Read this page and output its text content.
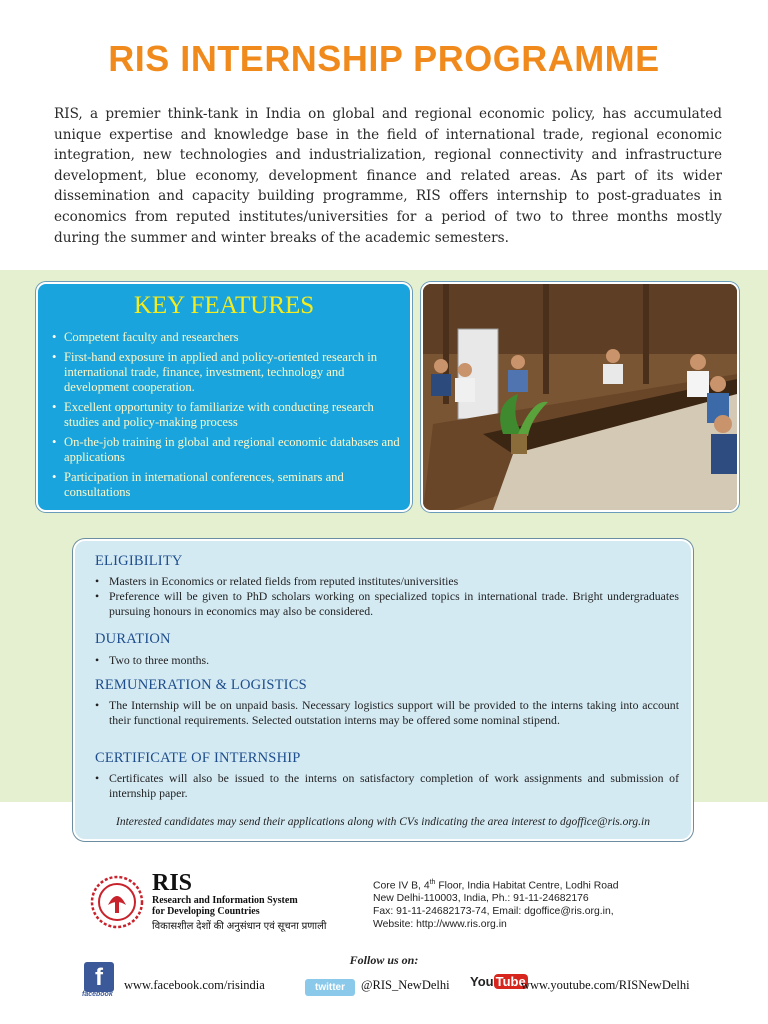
RIS INTERNSHIP PROGRAMME

RIS, a premier think-tank in India on global and regional economic policy, has accumulated unique expertise and knowledge base in the field of international trade, regional economic integration, new technologies and industrialization, regional connectivity and infrastructure development, blue economy, development finance and related areas. As part of its wider dissemination and capacity building programme, RIS offers internship to post-graduates in economics from reputed institutes/universities for a period of two to three months mostly during the summer and winter breaks of the academic semesters.

KEY FEATURES
• Competent faculty and researchers
• First-hand exposure in applied and policy-oriented research in international trade, finance, investment, technology and development cooperation.
• Excellent opportunity to familiarize with conducting research studies and policy-making process
• On-the-job training in global and regional economic databases and applications
• Participation in international conferences, seminars and consultations
ELIGIBILITY
• Masters in Economics or related fields from reputed institutes/universities
• Preference will be given to PhD scholars working on specialized topics in international trade. Bright undergraduates pursuing honours in economics may also be considered.
DURATION
• Two to three months.
REMUNERATION & LOGISTICS
• The Internship will be on unpaid basis. Necessary logistics support will be provided to the interns taking into account their functional requirements. Selected outstation interns may be offered some nominal stipend.
CERTIFICATE OF INTERNSHIP
• Certificates will also be issued to the interns on satisfactory completion of work assignments and submission of internship paper.
Interested candidates may send their applications along with CVs indicating the area interest to dgoffice@ris.org.in
RIS
Research and Information System
for Developing Countries
विकासशील देशों की अनुसंधान एवं सूचना प्रणाली
Core IV B, 4th Floor, India Habitat Centre, Lodhi Road
New Delhi-110003, India, Ph.: 91-11-24682176
Fax: 91-11-24682173-74, Email: dgoffice@ris.org.in,
Website: http://www.ris.org.in
Follow us on:
f
facebook
www.facebook.com/risindia	twitter	@RIS_NewDelhi You Tube
www.youtube.com/RISNewDelhi
